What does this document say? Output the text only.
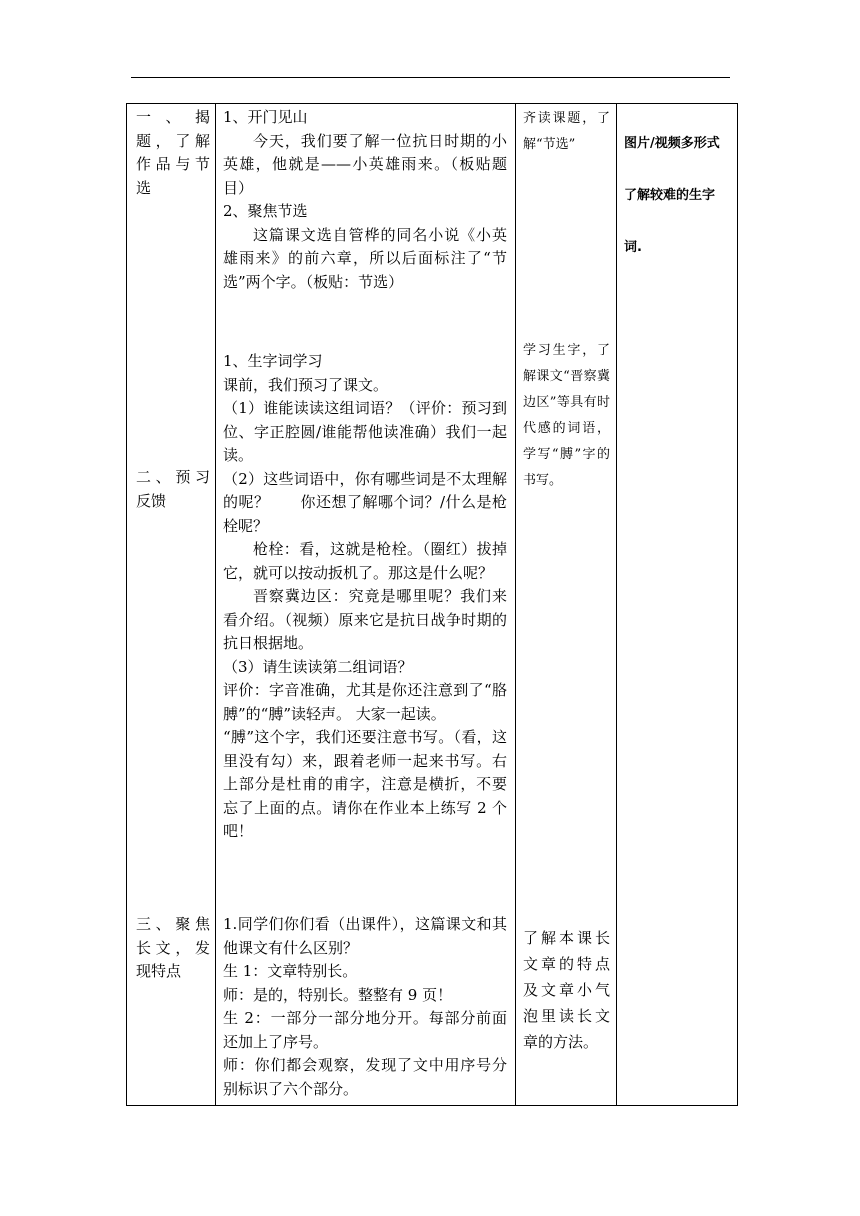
一、揭题，了解作品与节选
二、预习反馈
三、聚焦长文，发现特点

1、开门见山

今天，我们要了解一位抗日时期的小英雄，他就是——小英雄雨来。（板贴题目）

2、聚焦节选

这篇课文选自管桦的同名小说《小英雄雨来》的前六章，所以后面标注了“节选”两个字。（板贴：节选）

1、生字词学习

课前，我们预习了课文。

（1）谁能读读这组词语？（评价：预习到位、字正腔圆/谁能帮他读准确）我们一起读。

（2）这些词语中，你有哪些词是不太理解的呢？　　你还想了解哪个词？/什么是枪栓呢？

枪栓：看，这就是枪栓。（圈红）拔掉它，就可以按动扳机了。那这是什么呢？

晋察冀边区：究竟是哪里呢？我们来看介绍。（视频）原来它是抗日战争时期的抗日根据地。

（3）请生读读第二组词语？

评价：字音准确，尤其是你还注意到了“胳膊”的“膊”读轻声。 大家一起读。

“膊”这个字，我们还要注意书写。（看，这里没有勾）来，跟着老师一起来书写。右上部分是杜甫的甫字，注意是横折，不要忘了上面的点。请你在作业本上练写 2 个吧！

1.同学们你们看（出课件），这篇课文和其他课文有什么区别？

生 1：文章特别长。

师：是的，特别长。整整有 9 页！

生 2：一部分一部分地分开。每部分前面还加上了序号。

师：你们都会观察，发现了文中用序号分别标识了六个部分。

齐读课题，了解“节选”
学习生字，了解课文“晋察冀边区”等具有时代感的词语，学写“膊”字的书写。
了解本课长文章的特点及文章小气泡里读长文章的方法。
图片/视频多形式了解较难的生字词.
